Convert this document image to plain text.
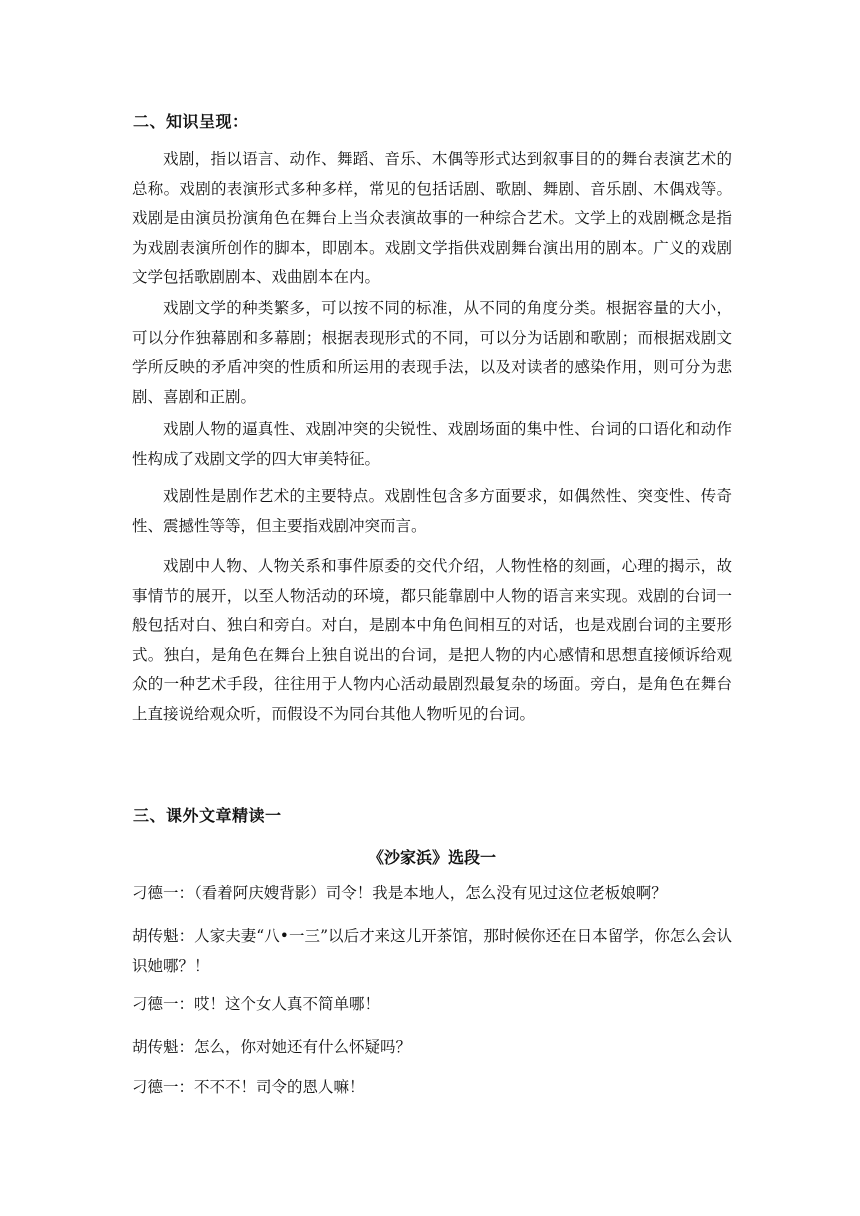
二、知识呈现：

戏剧，指以语言、动作、舞蹈、音乐、木偶等形式达到叙事目的的舞台表演艺术的总称。戏剧的表演形式多种多样，常见的包括话剧、歌剧、舞剧、音乐剧、木偶戏等。戏剧是由演员扮演角色在舞台上当众表演故事的一种综合艺术。文学上的戏剧概念是指为戏剧表演所创作的脚本，即剧本。戏剧文学指供戏剧舞台演出用的剧本。广义的戏剧文学包括歌剧剧本、戏曲剧本在内。

戏剧文学的种类繁多，可以按不同的标准，从不同的角度分类。根据容量的大小，可以分作独幕剧和多幕剧；根据表现形式的不同，可以分为话剧和歌剧；而根据戏剧文学所反映的矛盾冲突的性质和所运用的表现手法，以及对读者的感染作用，则可分为悲剧、喜剧和正剧。

戏剧人物的逼真性、戏剧冲突的尖锐性、戏剧场面的集中性、台词的口语化和动作性构成了戏剧文学的四大审美特征。

戏剧性是剧作艺术的主要特点。戏剧性包含多方面要求，如偶然性、突变性、传奇性、震撼性等等，但主要指戏剧冲突而言。

戏剧中人物、人物关系和事件原委的交代介绍，人物性格的刻画，心理的揭示，故事情节的展开，以至人物活动的环境，都只能靠剧中人物的语言来实现。戏剧的台词一般包括对白、独白和旁白。对白，是剧本中角色间相互的对话，也是戏剧台词的主要形式。独白，是角色在舞台上独自说出的台词，是把人物的内心感情和思想直接倾诉给观众的一种艺术手段，往往用于人物内心活动最剧烈最复杂的场面。旁白，是角色在舞台上直接说给观众听，而假设不为同台其他人物听见的台词。

三、课外文章精读一
《沙家浜》选段一

刁德一：（看着阿庆嫂背影）司令！我是本地人，怎么没有见过这位老板娘啊？

胡传魁：人家夫妻“八•一三”以后才来这儿开茶馆，那时候你还在日本留学，你怎么会认识她哪？！

刁德一：哎！这个女人真不简单哪！

胡传魁：怎么，你对她还有什么怀疑吗？

刁德一：不不不！司令的恩人嘛！
